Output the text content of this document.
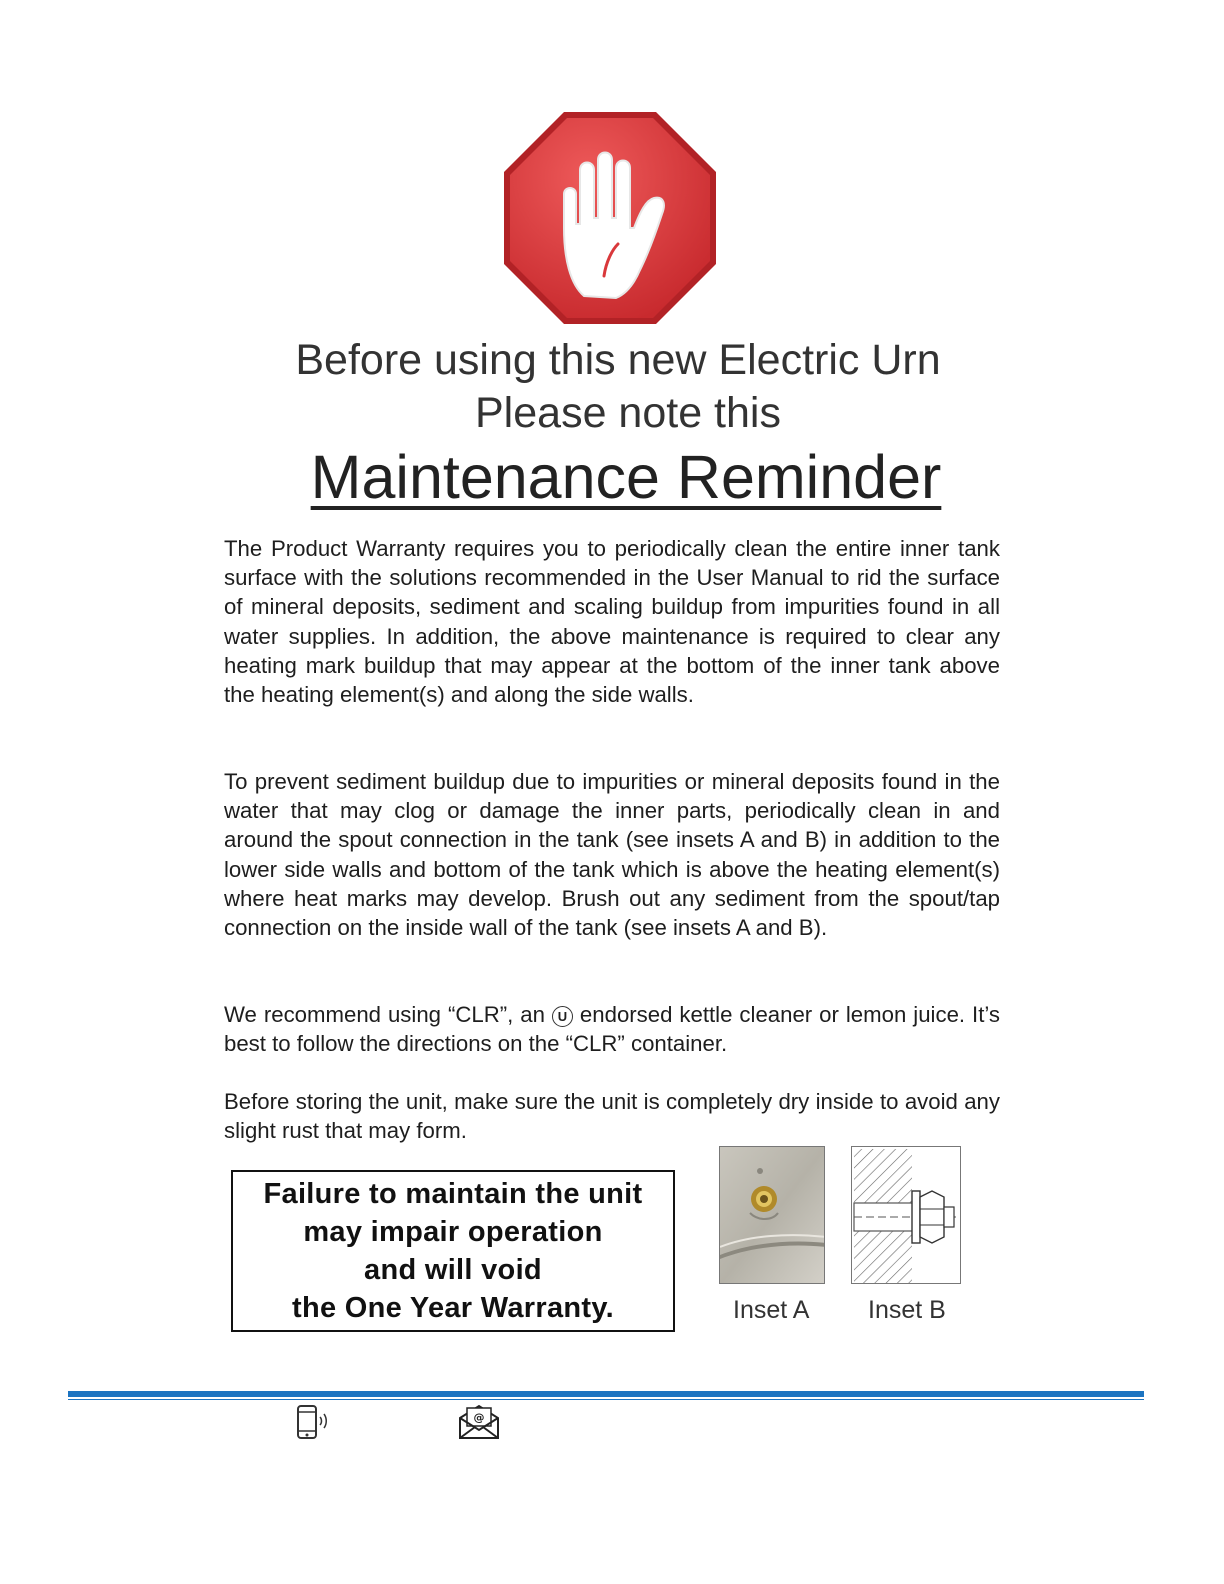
Before using this new Electric Urn
Please note this
Maintenance Reminder

The Product Warranty requires you to periodically clean the entire inner tank surface with the solutions recommended in the User Manual to rid the surface of mineral deposits, sediment and scaling buildup from impurities found in all water supplies. In addition, the above maintenance is required to clear any heating mark buildup that may appear at the bottom of the inner tank above the heating element(s) and along the side walls.

To prevent sediment buildup due to impurities or mineral deposits found in the water that may clog or damage the inner parts, periodically clean in and around the spout connection in the tank (see insets A and B) in addition to the lower side walls and bottom of the tank which is above the heating element(s) where heat marks may develop. Brush out any sediment from the spout/tap connection on the inside wall of the tank (see insets A and B).

We recommend using “CLR”, an U endorsed kettle cleaner or lemon juice. It’s best to follow the directions on the “CLR” container.

Before storing the unit, make sure the unit is completely dry inside to avoid any slight rust that may form.

Failure to maintain the unit
may impair operation
and will void
the One Year Warranty.	Inset A Inset B
@
